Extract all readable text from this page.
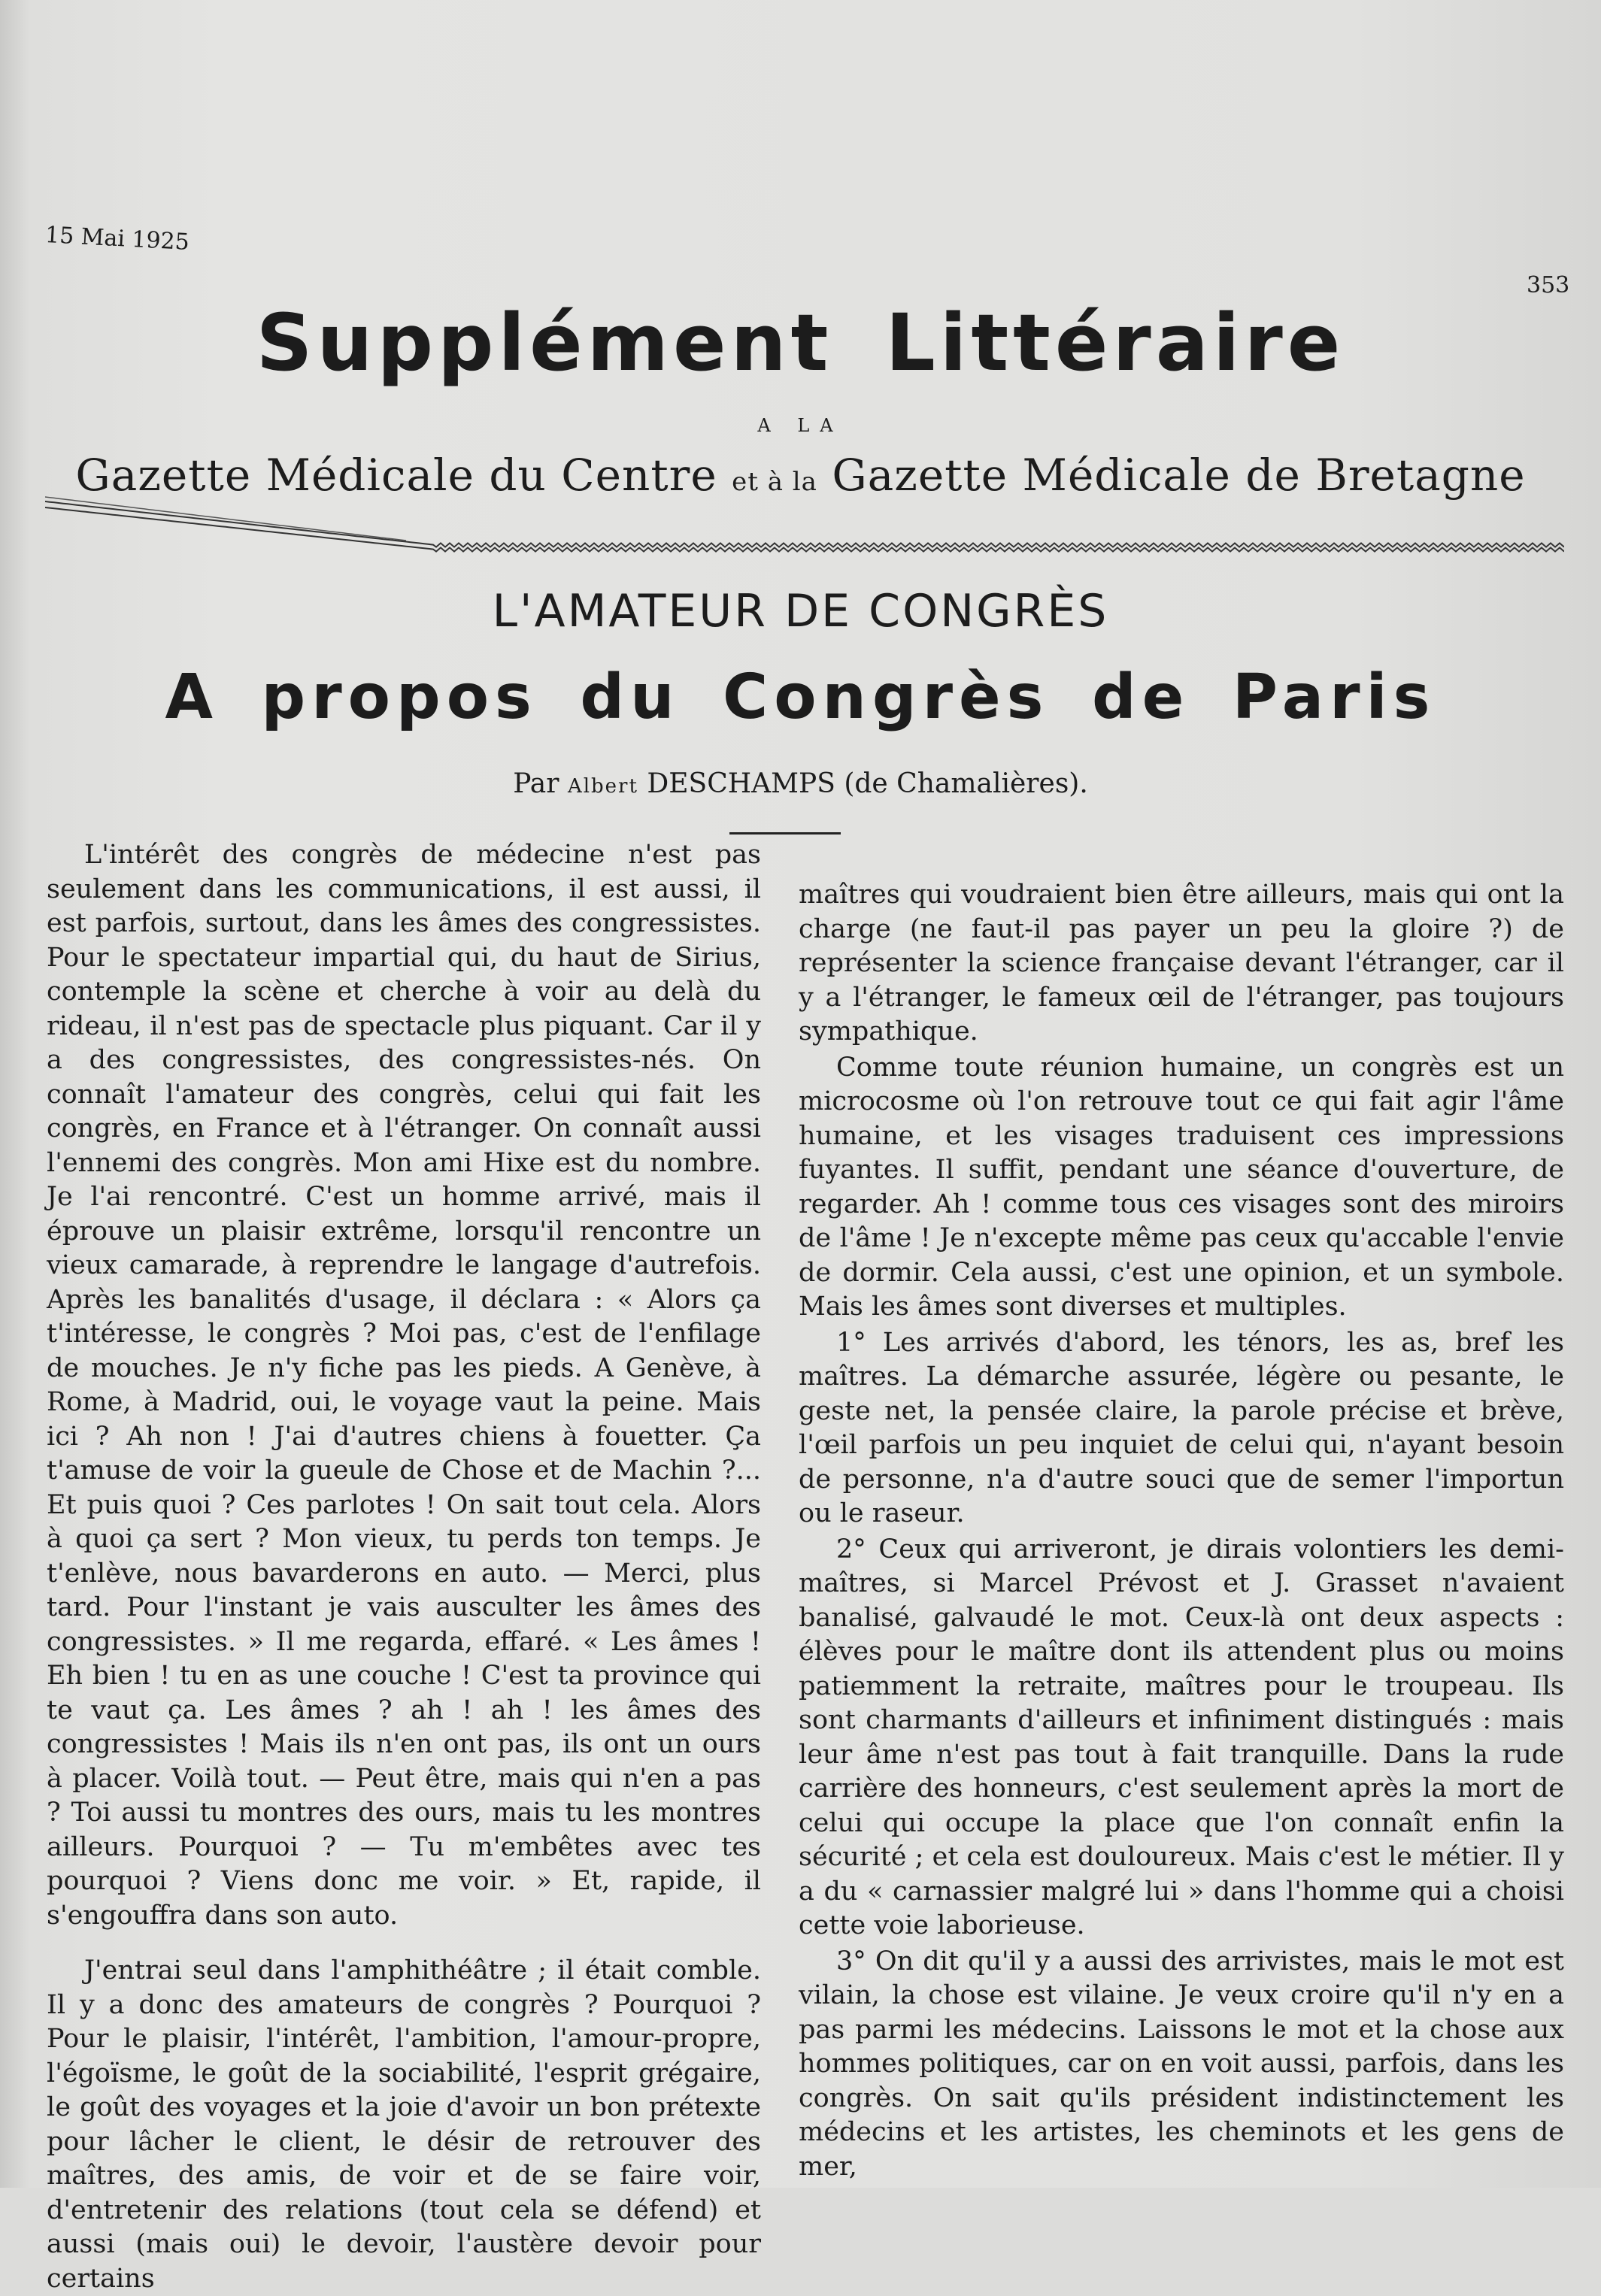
15 Mai 1925
353
Supplément Littéraire
A LA
Gazette Médicale du Centre et à la Gazette Médicale de Bretagne
L'AMATEUR DE CONGRÈS
A propos du Congrès de Paris
Par Albert DESCHAMPS (de Chamalières).

L'intérêt des congrès de médecine n'est pas seulement dans les communications, il est aussi, il est parfois, surtout, dans les âmes des congressistes. Pour le spectateur impartial qui, du haut de Sirius, contemple la scène et cherche à voir au delà du rideau, il n'est pas de spectacle plus piquant. Car il y a des congressistes, des congressistes-nés. On connaît l'amateur des congrès, celui qui fait les congrès, en France et à l'étranger. On connaît aussi l'ennemi des congrès. Mon ami Hixe est du nombre. Je l'ai rencontré. C'est un homme arrivé, mais il éprouve un plaisir extrême, lorsqu'il rencontre un vieux camarade, à reprendre le langage d'autrefois. Après les banalités d'usage, il déclara : « Alors ça t'intéresse, le congrès ? Moi pas, c'est de l'enfilage de mouches. Je n'y fiche pas les pieds. A Genève, à Rome, à Madrid, oui, le voyage vaut la peine. Mais ici ? Ah non ! J'ai d'autres chiens à fouetter. Ça t'amuse de voir la gueule de Chose et de Machin ?... Et puis quoi ? Ces parlotes ! On sait tout cela. Alors à quoi ça sert ? Mon vieux, tu perds ton temps. Je t'enlève, nous bavarderons en auto. — Merci, plus tard. Pour l'instant je vais ausculter les âmes des congressistes. » Il me regarda, effaré. « Les âmes ! Eh bien ! tu en as une couche ! C'est ta province qui te vaut ça. Les âmes ? ah ! ah ! les âmes des congressistes ! Mais ils n'en ont pas, ils ont un ours à placer. Voilà tout. — Peut être, mais qui n'en a pas ? Toi aussi tu montres des ours, mais tu les montres ailleurs. Pourquoi ? — Tu m'embêtes avec tes pourquoi ? Viens donc me voir. » Et, rapide, il s'engouffra dans son auto.

J'entrai seul dans l'amphithéâtre ; il était comble. Il y a donc des amateurs de congrès ? Pourquoi ? Pour le plaisir, l'intérêt, l'ambition, l'amour-propre, l'égoïsme, le goût de la sociabilité, l'esprit grégaire, le goût des voyages et la joie d'avoir un bon prétexte pour lâcher le client, le désir de retrouver des maîtres, des amis, de voir et de se faire voir, d'entretenir des relations (tout cela se défend) et aussi (mais oui) le devoir, l'austère devoir pour certains

maîtres qui voudraient bien être ailleurs, mais qui ont la charge (ne faut-il pas payer un peu la gloire ?) de représenter la science française devant l'étranger, car il y a l'étranger, le fameux œil de l'étranger, pas toujours sympathique.

Comme toute réunion humaine, un congrès est un microcosme où l'on retrouve tout ce qui fait agir l'âme humaine, et les visages traduisent ces impressions fuyantes. Il suffit, pendant une séance d'ouverture, de regarder. Ah ! comme tous ces visages sont des miroirs de l'âme ! Je n'excepte même pas ceux qu'accable l'envie de dormir. Cela aussi, c'est une opinion, et un symbole. Mais les âmes sont diverses et multiples.

1° Les arrivés d'abord, les ténors, les as, bref les maîtres. La démarche assurée, légère ou pesante, le geste net, la pensée claire, la parole précise et brève, l'œil parfois un peu inquiet de celui qui, n'ayant besoin de personne, n'a d'autre souci que de semer l'importun ou le raseur.

2° Ceux qui arriveront, je dirais volontiers les demi-maîtres, si Marcel Prévost et J. Grasset n'avaient banalisé, galvaudé le mot. Ceux-là ont deux aspects : élèves pour le maître dont ils attendent plus ou moins patiemment la retraite, maîtres pour le troupeau. Ils sont charmants d'ailleurs et infiniment distingués : mais leur âme n'est pas tout à fait tranquille. Dans la rude carrière des honneurs, c'est seulement après la mort de celui qui occupe la place que l'on connaît enfin la sécurité ; et cela est douloureux. Mais c'est le métier. Il y a du « carnassier malgré lui » dans l'homme qui a choisi cette voie laborieuse.

3° On dit qu'il y a aussi des arrivistes, mais le mot est vilain, la chose est vilaine. Je veux croire qu'il n'y en a pas parmi les médecins. Laissons le mot et la chose aux hommes politiques, car on en voit aussi, parfois, dans les congrès. On sait qu'ils président indistinctement les médecins et les artistes, les cheminots et les gens de mer,
